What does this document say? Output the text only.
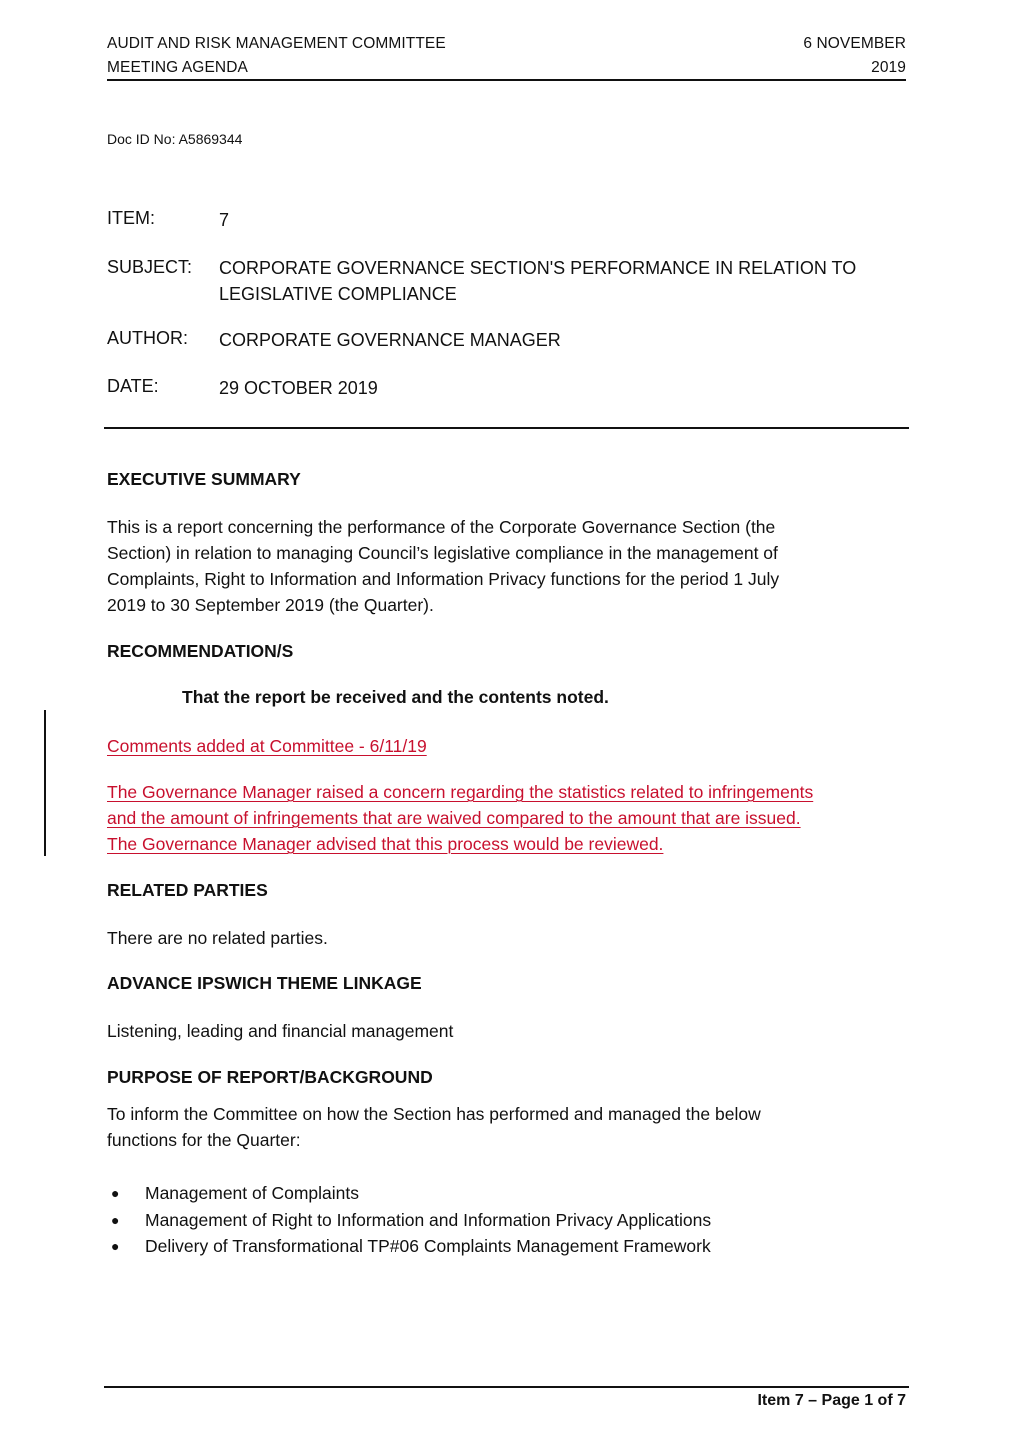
AUDIT AND RISK MANAGEMENT COMMITTEE
MEETING AGENDA
6 NOVEMBER
2019
Doc ID No: A5869344
ITEM:	7
SUBJECT: CORPORATE GOVERNANCE SECTION'S PERFORMANCE IN RELATION TO
LEGISLATIVE COMPLIANCE
AUTHOR: CORPORATE GOVERNANCE MANAGER
DATE:	29 OCTOBER 2019
EXECUTIVE SUMMARY
This is a report concerning the performance of the Corporate Governance Section (the
Section) in relation to managing Council’s legislative compliance in the management of
Complaints, Right to Information and Information Privacy functions for the period 1 July
2019 to 30 September 2019 (the Quarter).
RECOMMENDATION/S
That the report be received and the contents noted.
Comments added at Committee - 6/11/19
The Governance Manager raised a concern regarding the statistics related to infringements
and the amount of infringements that are waived compared to the amount that are issued.
The Governance Manager advised that this process would be reviewed.
RELATED PARTIES
There are no related parties.
ADVANCE IPSWICH THEME LINKAGE
Listening, leading and financial management
PURPOSE OF REPORT/BACKGROUND
To inform the Committee on how the Section has performed and managed the below
functions for the Quarter:
● Management of Complaints
● Management of Right to Information and Information Privacy Applications
● Delivery of Transformational TP#06 Complaints Management Framework
Item 7 – Page 1 of 7
